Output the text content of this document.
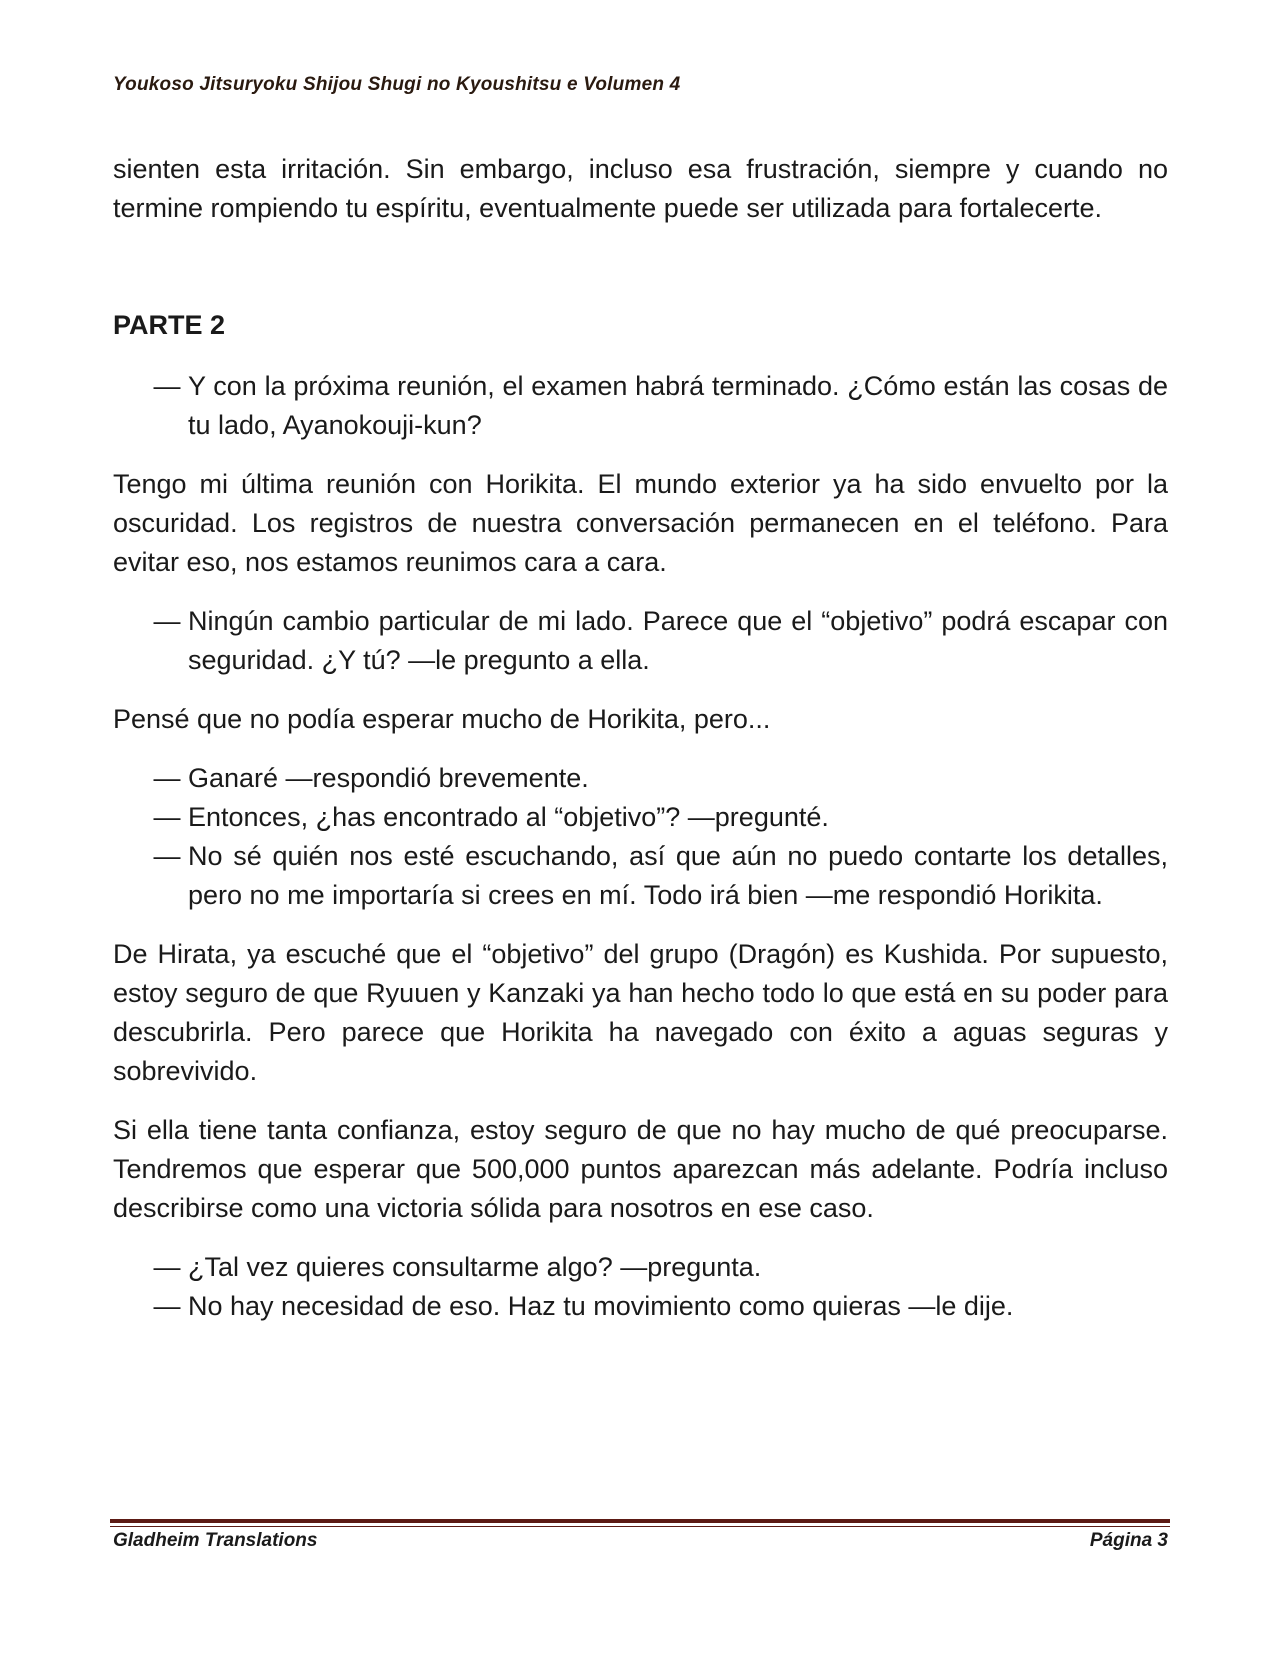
Youkoso Jitsuryoku Shijou Shugi no Kyoushitsu e Volumen 4

sienten esta irritación. Sin embargo, incluso esa frustración, siempre y cuando no termine rompiendo tu espíritu, eventualmente puede ser utilizada para fortalecerte.

PARTE 2

— Y con la próxima reunión, el examen habrá terminado. ¿Cómo están las cosas de tu lado, Ayanokouji-kun?

Tengo mi última reunión con Horikita. El mundo exterior ya ha sido envuelto por la oscuridad. Los registros de nuestra conversación permanecen en el teléfono. Para evitar eso, nos estamos reunimos cara a cara.

— Ningún cambio particular de mi lado. Parece que el “objetivo” podrá escapar con seguridad. ¿Y tú? —le pregunto a ella.

Pensé que no podía esperar mucho de Horikita, pero...

— Ganaré —respondió brevemente.
— Entonces, ¿has encontrado al “objetivo”? —pregunté.
— No sé quién nos esté escuchando, así que aún no puedo contarte los detalles, pero no me importaría si crees en mí. Todo irá bien —me respondió Horikita.

De Hirata, ya escuché que el “objetivo” del grupo (Dragón) es Kushida. Por supuesto, estoy seguro de que Ryuuen y Kanzaki ya han hecho todo lo que está en su poder para descubrirla. Pero parece que Horikita ha navegado con éxito a aguas seguras y sobrevivido.

Si ella tiene tanta confianza, estoy seguro de que no hay mucho de qué preocuparse. Tendremos que esperar que 500,000 puntos aparezcan más adelante. Podría incluso describirse como una victoria sólida para nosotros en ese caso.

— ¿Tal vez quieres consultarme algo? —pregunta.
— No hay necesidad de eso. Haz tu movimiento como quieras —le dije.
Gladheim Translations	Página 3
